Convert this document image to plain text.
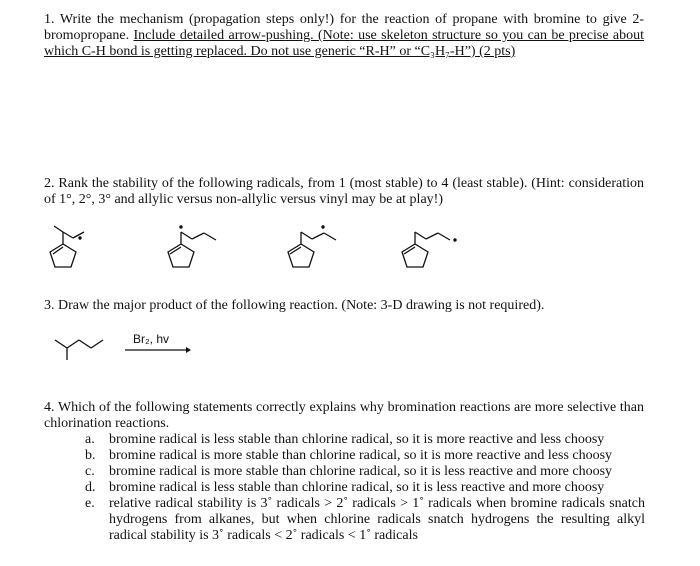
1. Write the mechanism (propagation steps only!) for the reaction of propane with bromine to give 2-bromopropane. Include detailed arrow-pushing. (Note: use skeleton structure so you can be precise about which C-H bond is getting replaced. Do not use generic “R-H” or “C₃H₇-H”) (2 pts)

2. Rank the stability of the following radicals, from 1 (most stable) to 4 (least stable). (Hint: consideration of 1°, 2°, 3° and allylic versus non-allylic versus vinyl may be at play!)

3. Draw the major product of the following reaction. (Note: 3-D drawing is not required).

Br₂, hv

4. Which of the following statements correctly explains why bromination reactions are more selective than chlorination reactions.

a.	bromine radical is less stable than chlorine radical, so it is more reactive and less choosy
b. bromine radical is more stable than chlorine radical, so it is more reactive and less choosy
c.	bromine radical is more stable than chlorine radical, so it is less reactive and more choosy
d. bromine radical is less stable than chlorine radical, so it is less reactive and more choosy
e.	relative radical stability is 3˚ radicals > 2˚ radicals > 1˚ radicals when bromine radicals snatch hydrogens from alkanes, but when chlorine radicals snatch hydrogens the resulting alkyl radical stability is 3˚ radicals < 2˚ radicals < 1˚ radicals
